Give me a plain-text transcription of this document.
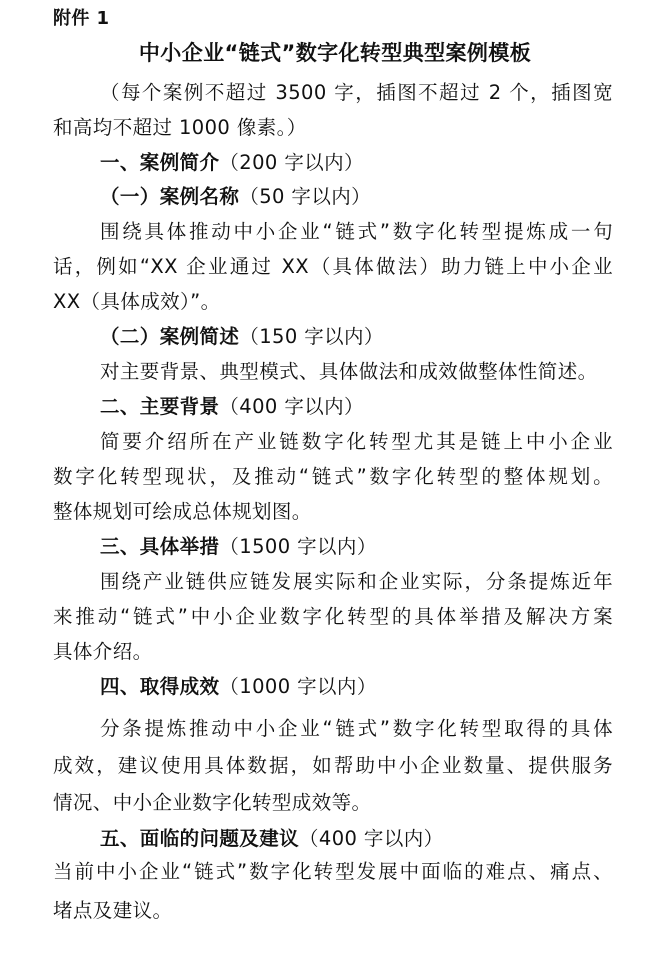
附件 1
中小企业“链式”数字化转型典型案例模板
（每个案例不超过 3500 字，插图不超过 2 个，插图宽
和高均不超过 1000 像素。）
一、案例简介（200 字以内）
（一）案例名称（50 字以内）
围绕具体推动中小企业“链式”数字化转型提炼成一句
话，例如“XX 企业通过 XX（具体做法）助力链上中小企业
XX（具体成效）”。
（二）案例简述（150 字以内）
对主要背景、典型模式、具体做法和成效做整体性简述。
二、主要背景（400 字以内）
简要介绍所在产业链数字化转型尤其是链上中小企业
数字化转型现状，及推动“链式”数字化转型的整体规划。
整体规划可绘成总体规划图。
三、具体举措（1500 字以内）
围绕产业链供应链发展实际和企业实际，分条提炼近年
来推动“链式”中小企业数字化转型的具体举措及解决方案
具体介绍。
四、取得成效（1000 字以内）
分条提炼推动中小企业“链式”数字化转型取得的具体
成效，建议使用具体数据，如帮助中小企业数量、提供服务
情况、中小企业数字化转型成效等。
五、面临的问题及建议（400 字以内）
当前中小企业“链式”数字化转型发展中面临的难点、痛点、
堵点及建议。
